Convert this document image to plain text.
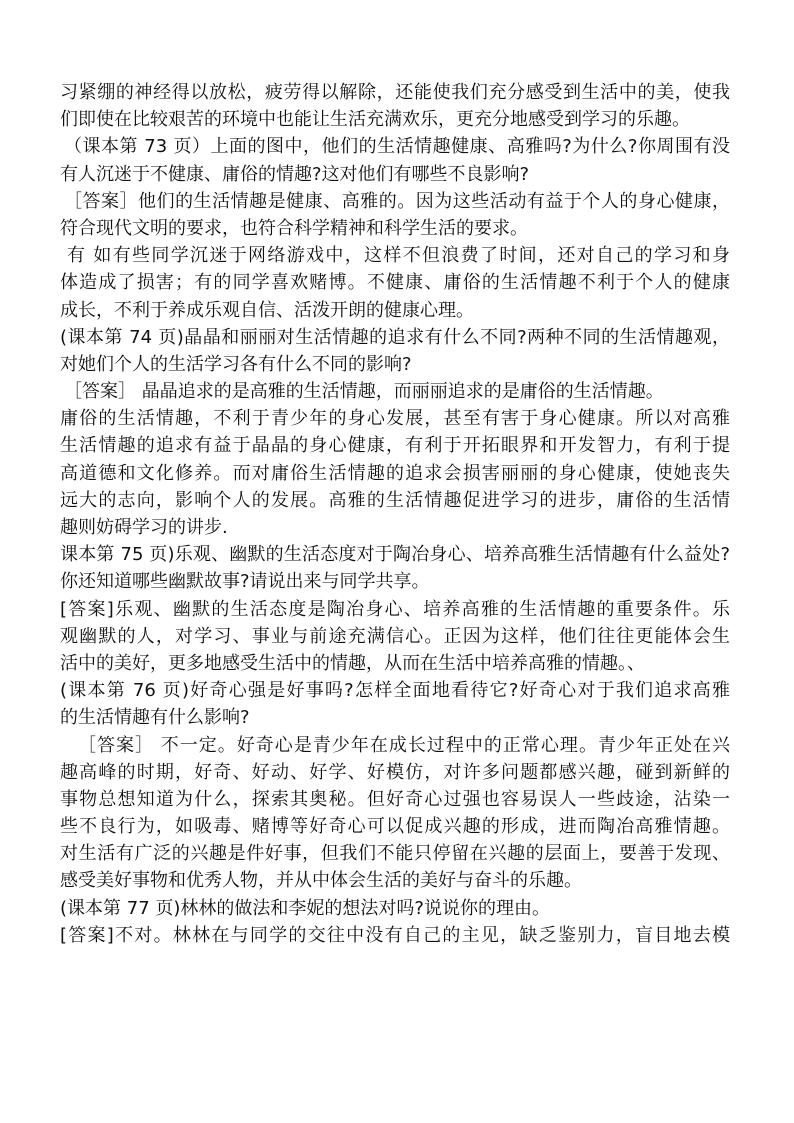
习紧绷的神经得以放松，疲劳得以解除，还能使我们充分感受到生活中的美，使我
们即使在比较艰苦的环境中也能让生活充满欢乐，更充分地感受到学习的乐趣。
（课本第 73 页）上面的图中，他们的生活情趣健康、高雅吗?为什么?你周围有没
有人沉迷于不健康、庸俗的情趣?这对他们有哪些不良影响?
［答案］他们的生活情趣是健康、高雅的。因为这些活动有益于个人的身心健康，
符合现代文明的要求，也符合科学精神和科学生活的要求。
有 如有些同学沉迷于网络游戏中，这样不但浪费了时间，还对自己的学习和身
体造成了损害；有的同学喜欢赌博。不健康、庸俗的生活情趣不利于个人的健康
成长，不利于养成乐观自信、活泼开朗的健康心理。
(课本第 74 页)晶晶和丽丽对生活情趣的追求有什么不同?两种不同的生活情趣观，
对她们个人的生活学习各有什么不同的影响?
［答案］ 晶晶追求的是高雅的生活情趣，而丽丽追求的是庸俗的生活情趣。
庸俗的生活情趣，不利于青少年的身心发展，甚至有害于身心健康。所以对高雅
生活情趣的追求有益于晶晶的身心健康，有利于开拓眼界和开发智力，有利于提
高道德和文化修养。而对庸俗生活情趣的追求会损害丽丽的身心健康，使她丧失
远大的志向，影响个人的发展。高雅的生活情趣促进学习的进步，庸俗的生活情
趣则妨碍学习的讲步.
课本第 75 页)乐观、幽默的生活态度对于陶冶身心、培养高雅生活情趣有什么益处?
你还知道哪些幽默故事?请说出来与同学共享。
[答案]乐观、幽默的生活态度是陶冶身心、培养高雅的生活情趣的重要条件。乐
观幽默的人，对学习、事业与前途充满信心。正因为这样，他们往往更能体会生
活中的美好，更多地感受生活中的情趣，从而在生活中培养高雅的情趣。、
(课本第 76 页)好奇心强是好事吗?怎样全面地看待它?好奇心对于我们追求高雅
的生活情趣有什么影响?
［答案］ 不一定。好奇心是青少年在成长过程中的正常心理。青少年正处在兴
趣高峰的时期，好奇、好动、好学、好模仿，对许多问题都感兴趣，碰到新鲜的
事物总想知道为什么，探索其奥秘。但好奇心过强也容易误人一些歧途，沾染一
些不良行为，如吸毒、赌博等好奇心可以促成兴趣的形成，进而陶冶高雅情趣。
对生活有广泛的兴趣是件好事，但我们不能只停留在兴趣的层面上，要善于发现、
感受美好事物和优秀人物，并从中体会生活的美好与奋斗的乐趣。
(课本第 77 页)林林的做法和李妮的想法对吗?说说你的理由。
[答案]不对。林林在与同学的交往中没有自己的主见，缺乏鉴别力，盲目地去模
